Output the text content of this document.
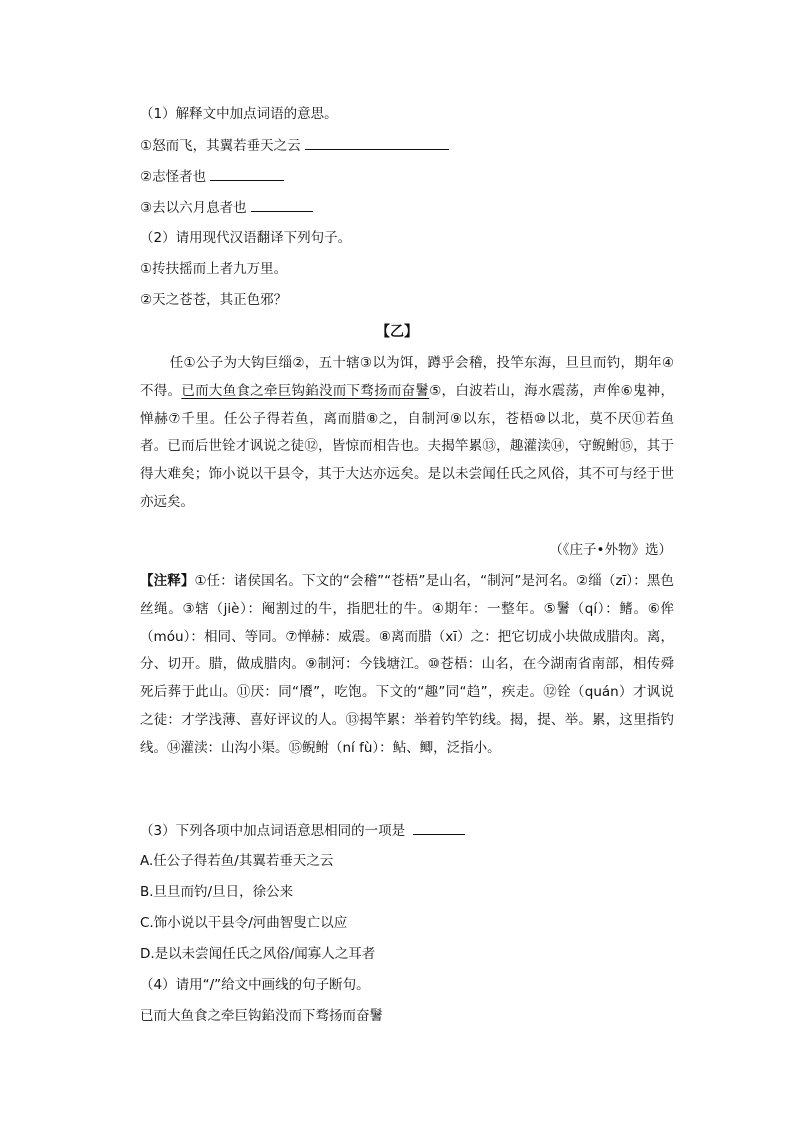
（1）解释文中加点词语的意思。
①怒而飞，其翼若垂天之云
②志怪者也
③去以六月息者也
（2）请用现代汉语翻译下列句子。
①抟扶摇而上者九万里。
②天之苍苍，其正色邪？
【乙】
任①公子为大钩巨缁②，五十辖③以为饵，蹲乎会稽，投竿东海，旦旦而钓，期年④不得。已而大鱼食之牵巨钩錎没而下骛扬而奋鬐⑤，白波若山，海水震荡，声侔⑥鬼神，惮赫⑦千里。任公子得若鱼，离而腊⑧之，自制河⑨以东，苍梧⑩以北，莫不厌⑪若鱼者。已而后世铨才讽说之徒⑫，皆惊而相告也。夫揭竿累⑬，趣灌渎⑭，守鲵鲋⑮，其于得大难矣；饰小说以干县令，其于大达亦远矣。是以未尝闻任氏之风俗，其不可与经于世亦远矣。
（《庄子•外物》选）
【注释】①任：诸侯国名。下文的“会稽”“苍梧”是山名，“制河”是河名。②缁（zī）：黑色丝绳。③辖（jiè）：阉割过的牛，指肥壮的牛。④期年：一整年。⑤鬐（qí）：鳍。⑥侔（móu）：相同、等同。⑦惮赫：威震。⑧离而腊（xī）之：把它切成小块做成腊肉。离，分、切开。腊，做成腊肉。⑨制河：今钱塘江。⑩苍梧：山名，在今湖南省南部，相传舜死后葬于此山。⑪厌：同“餍”，吃饱。下文的“趣”同“趋”，疾走。⑫铨（quán）才讽说之徒：才学浅薄、喜好评议的人。⑬揭竿累：举着钓竿钓线。揭，提、举。累，这里指钓线。⑭灌渎：山沟小渠。⑮鲵鲋（ní fù）：鲇、鲫，泛指小。
（3）下列各项中加点词语意思相同的一项是
A.任公子得若鱼/其翼若垂天之云
B.旦旦而钓/旦日，徐公来
C.饰小说以干县令/河曲智叟亡以应
D.是以未尝闻任氏之风俗/闻寡人之耳者
（4）请用“/”给文中画线的句子断句。
已而大鱼食之牵巨钩錎没而下骛扬而奋鬐
